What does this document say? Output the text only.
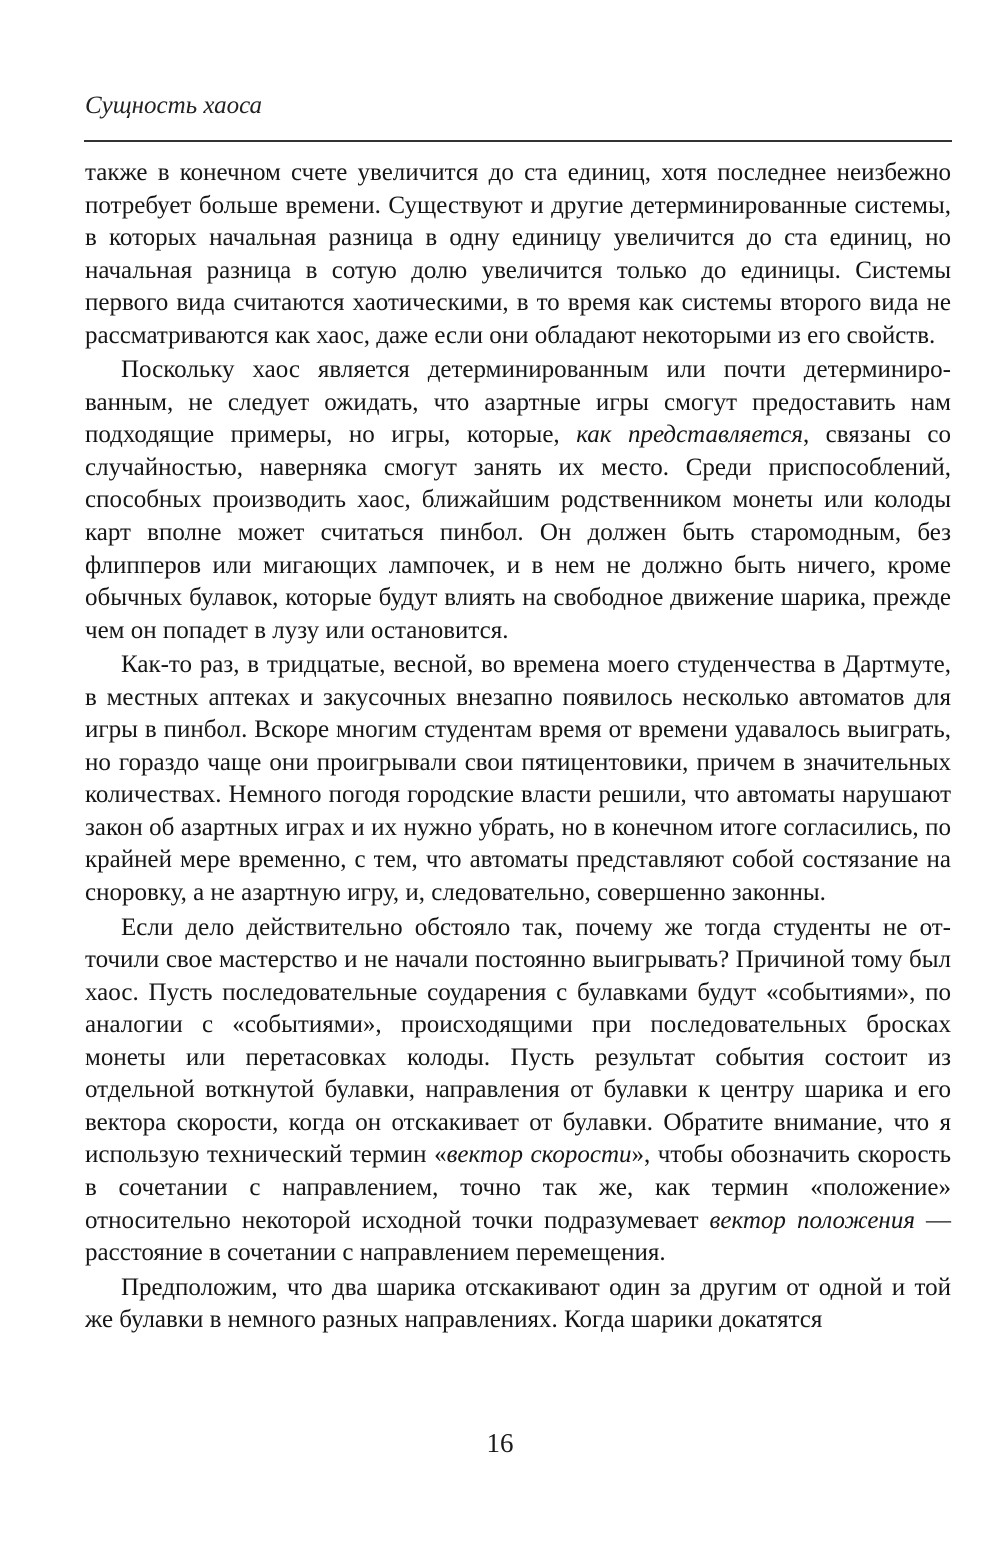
Сущность хаоса

также в конечном счете увеличится до ста единиц, хотя последнее неизбежно потребует больше времени. Существуют и другие детерминированные системы, в которых начальная разница в одну единицу увеличится до ста единиц, но начальная разница в сотую долю увеличится только до единицы. Системы первого вида считаются хаотическими, в то время как системы второго вида не рассматриваются как хаос, даже если они обладают некоторыми из его свойств.

Поскольку хаос является детерминированным или почти детерминированным, не следует ожидать, что азартные игры смогут предоставить нам подходящие примеры, но игры, которые, как представляется, связаны со случайностью, наверняка смогут занять их место. Среди приспособлений, способных производить хаос, ближайшим родственником монеты или колоды карт вполне может считаться пинбол. Он должен быть старомодным, без флипперов или мигающих лампочек, и в нем не должно быть ничего, кроме обычных булавок, которые будут влиять на свободное движение шарика, прежде чем он попадет в лузу или остановится.

Как-то раз, в тридцатые, весной, во времена моего студенчества в Дартмуте, в местных аптеках и закусочных внезапно появилось несколько автоматов для игры в пинбол. Вскоре многим студентам время от времени удавалось выиграть, но гораздо чаще они проигрывали свои пятицентовики, причем в значительных количествах. Немного погодя городские власти решили, что автоматы нарушают закон об азартных играх и их нужно убрать, но в конечном итоге согласились, по крайней мере временно, с тем, что автоматы представляют собой состязание на сноровку, а не азартную игру, и, следовательно, совершенно законны.

Если дело действительно обстояло так, почему же тогда студенты не отточили свое мастерство и не начали постоянно выигрывать? Причиной тому был хаос. Пусть последовательные соударения с булавками будут «событиями», по аналогии с «событиями», происходящими при последовательных бросках монеты или перетасовках колоды. Пусть результат события состоит из отдельной воткнутой булавки, направления от булавки к центру шарика и его вектора скорости, когда он отскакивает от булавки. Обратите внимание, что я использую технический термин «вектор скорости», чтобы обозначить скорость в сочетании с направлением, точно так же, как термин «положение» относительно некоторой исходной точки подразумевает вектор положения — расстояние в сочетании с направлением перемещения.

Предположим, что два шарика отскакивают один за другим от одной и той же булавки в немного разных направлениях. Когда шарики докатятся

16
